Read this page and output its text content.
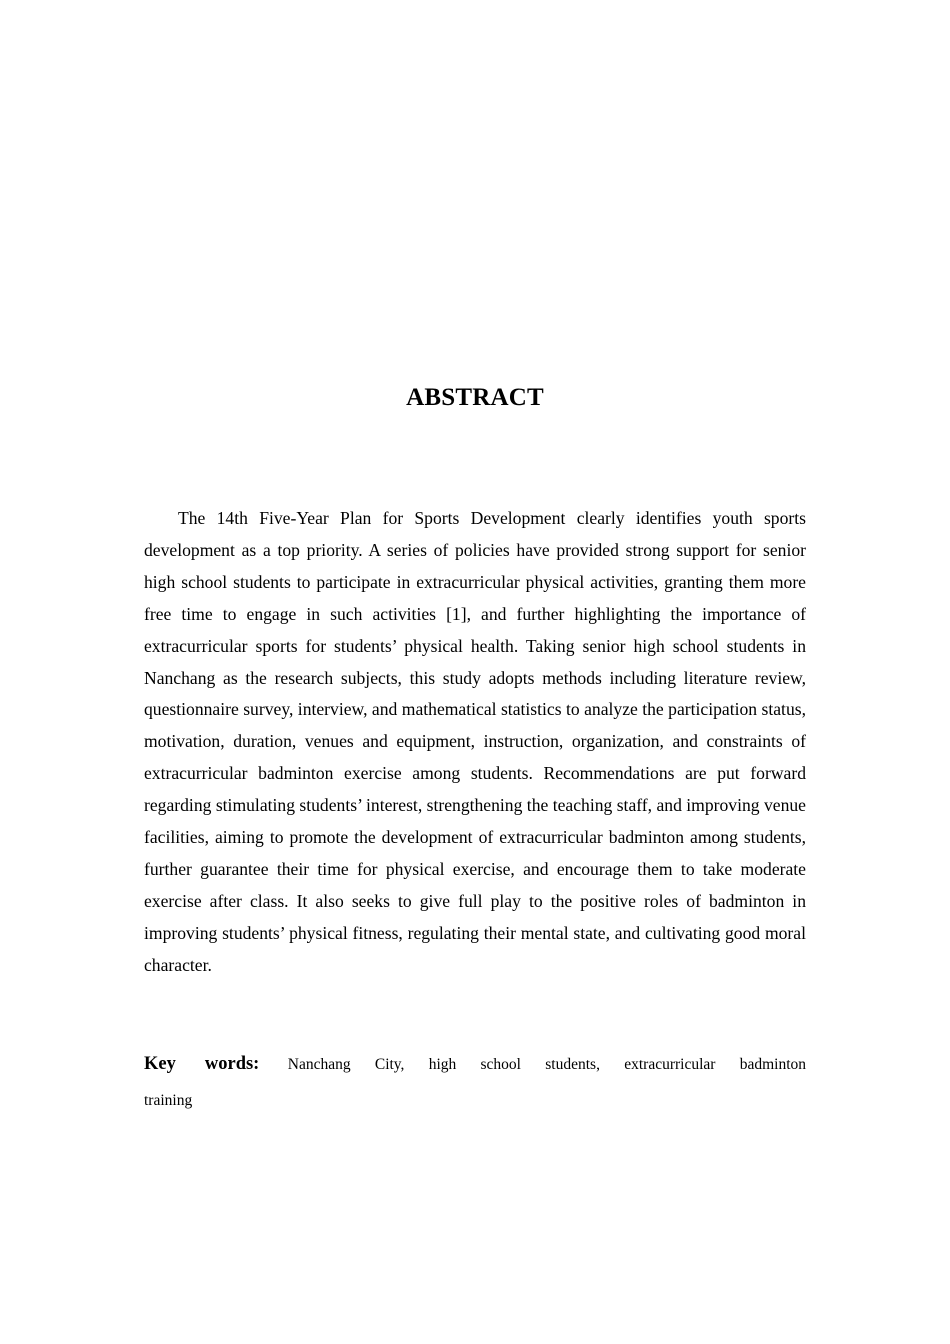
ABSTRACT

The 14th Five-Year Plan for Sports Development clearly identifies youth sports development as a top priority. A series of policies have provided strong support for senior high school students to participate in extracurricular physical activities, granting them more free time to engage in such activities [1], and further highlighting the importance of extracurricular sports for students’ physical health. Taking senior high school students in Nanchang as the research subjects, this study adopts methods including literature review, questionnaire survey, interview, and mathematical statistics to analyze the participation status, motivation, duration, venues and equipment, instruction, organization, and constraints of extracurricular badminton exercise among students. Recommendations are put forward regarding stimulating students’ interest, strengthening the teaching staff, and improving venue facilities, aiming to promote the development of extracurricular badminton among students, further guarantee their time for physical exercise, and encourage them to take moderate exercise after class. It also seeks to give full play to the positive roles of badminton in improving students’ physical fitness, regulating their mental state, and cultivating good moral character.

Key words: Nanchang City, high school students, extracurricular badminton training
